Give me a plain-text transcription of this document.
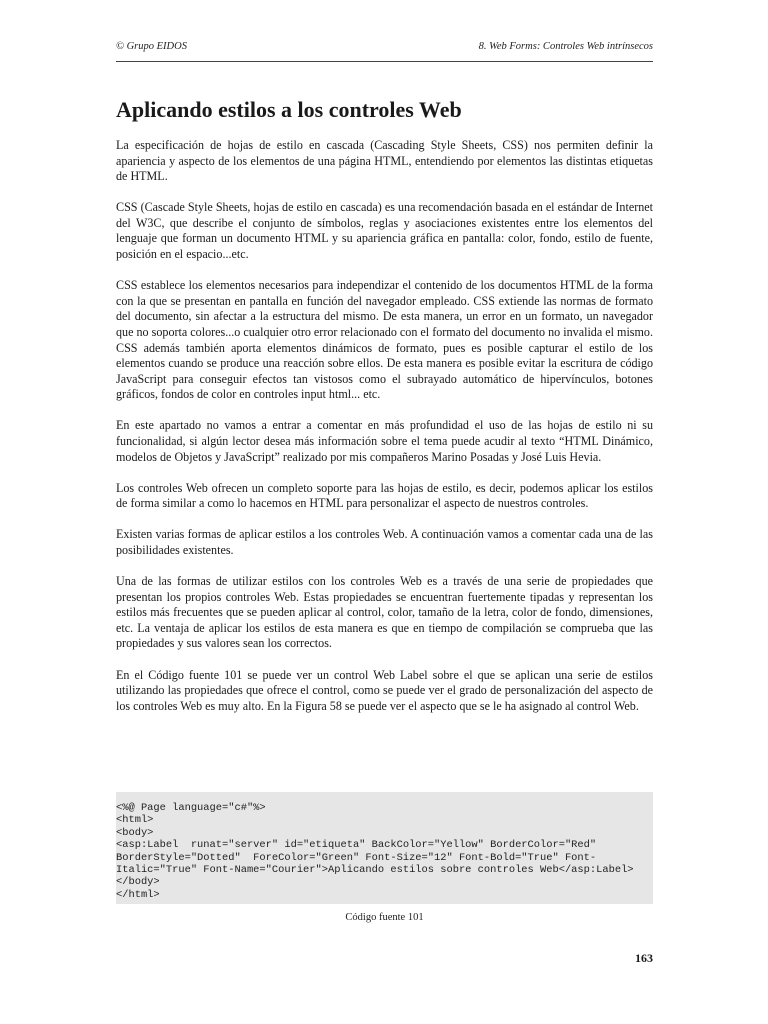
© Grupo EIDOS	8. Web Forms: Controles Web intrínsecos
Aplicando estilos a los controles Web

La especificación de hojas de estilo en cascada (Cascading Style Sheets, CSS) nos permiten definir la apariencia y aspecto de los elementos de una página HTML, entendiendo por elementos las distintas etiquetas de HTML.

CSS (Cascade Style Sheets, hojas de estilo en cascada) es una recomendación basada en el estándar de Internet del W3C, que describe el conjunto de símbolos, reglas y asociaciones existentes entre los elementos del lenguaje que forman un documento HTML y su apariencia gráfica en pantalla: color, fondo, estilo de fuente, posición en el espacio...etc.

CSS establece los elementos necesarios para independizar el contenido de los documentos HTML de la forma con la que se presentan en pantalla en función del navegador empleado. CSS extiende las normas de formato del documento, sin afectar a la estructura del mismo. De esta manera, un error en un formato, un navegador que no soporta colores...o cualquier otro error relacionado con el formato del documento no invalida el mismo. CSS además también aporta elementos dinámicos de formato, pues es posible capturar el estilo de los elementos cuando se produce una reacción sobre ellos. De esta manera es posible evitar la escritura de código JavaScript para conseguir efectos tan vistosos como el subrayado automático de hipervínculos, botones gráficos, fondos de color en controles input html... etc.

En este apartado no vamos a entrar a comentar en más profundidad el uso de las hojas de estilo ni su funcionalidad, si algún lector desea más información sobre el tema puede acudir al texto “HTML Dinámico, modelos de Objetos y JavaScript” realizado por mis compañeros Marino Posadas y José Luis Hevia.

Los controles Web ofrecen un completo soporte para las hojas de estilo, es decir, podemos aplicar los estilos de forma similar a como lo hacemos en HTML para personalizar el aspecto de nuestros controles.

Existen varias formas de aplicar estilos a los controles Web. A continuación vamos a comentar cada una de las posibilidades existentes.

Una de las formas de utilizar estilos con los controles Web es a través de una serie de propiedades que presentan los propios controles Web. Estas propiedades se encuentran fuertemente tipadas y representan los estilos más frecuentes que se pueden aplicar al control, color, tamaño de la letra, color de fondo, dimensiones, etc. La ventaja de aplicar los estilos de esta manera es que en tiempo de compilación se comprueba que las propiedades y sus valores sean los correctos.

En el Código fuente 101 se puede ver un control Web Label sobre el que se aplican una serie de estilos utilizando las propiedades que ofrece el control, como se puede ver el grado de personalización del aspecto de los controles Web es muy alto. En la Figura 58 se puede ver el aspecto que se le ha asignado al control Web.

<%@ Page language="c#"%>
<html>
<body>
<asp:Label  runat="server" id="etiqueta" BackColor="Yellow" BorderColor="Red"
BorderStyle="Dotted"  ForeColor="Green" Font-Size="12" Font-Bold="True" Font-
Italic="True" Font-Name="Courier">Aplicando estilos sobre controles Web</asp:Label>
</body>
</html>
Código fuente 101
163
